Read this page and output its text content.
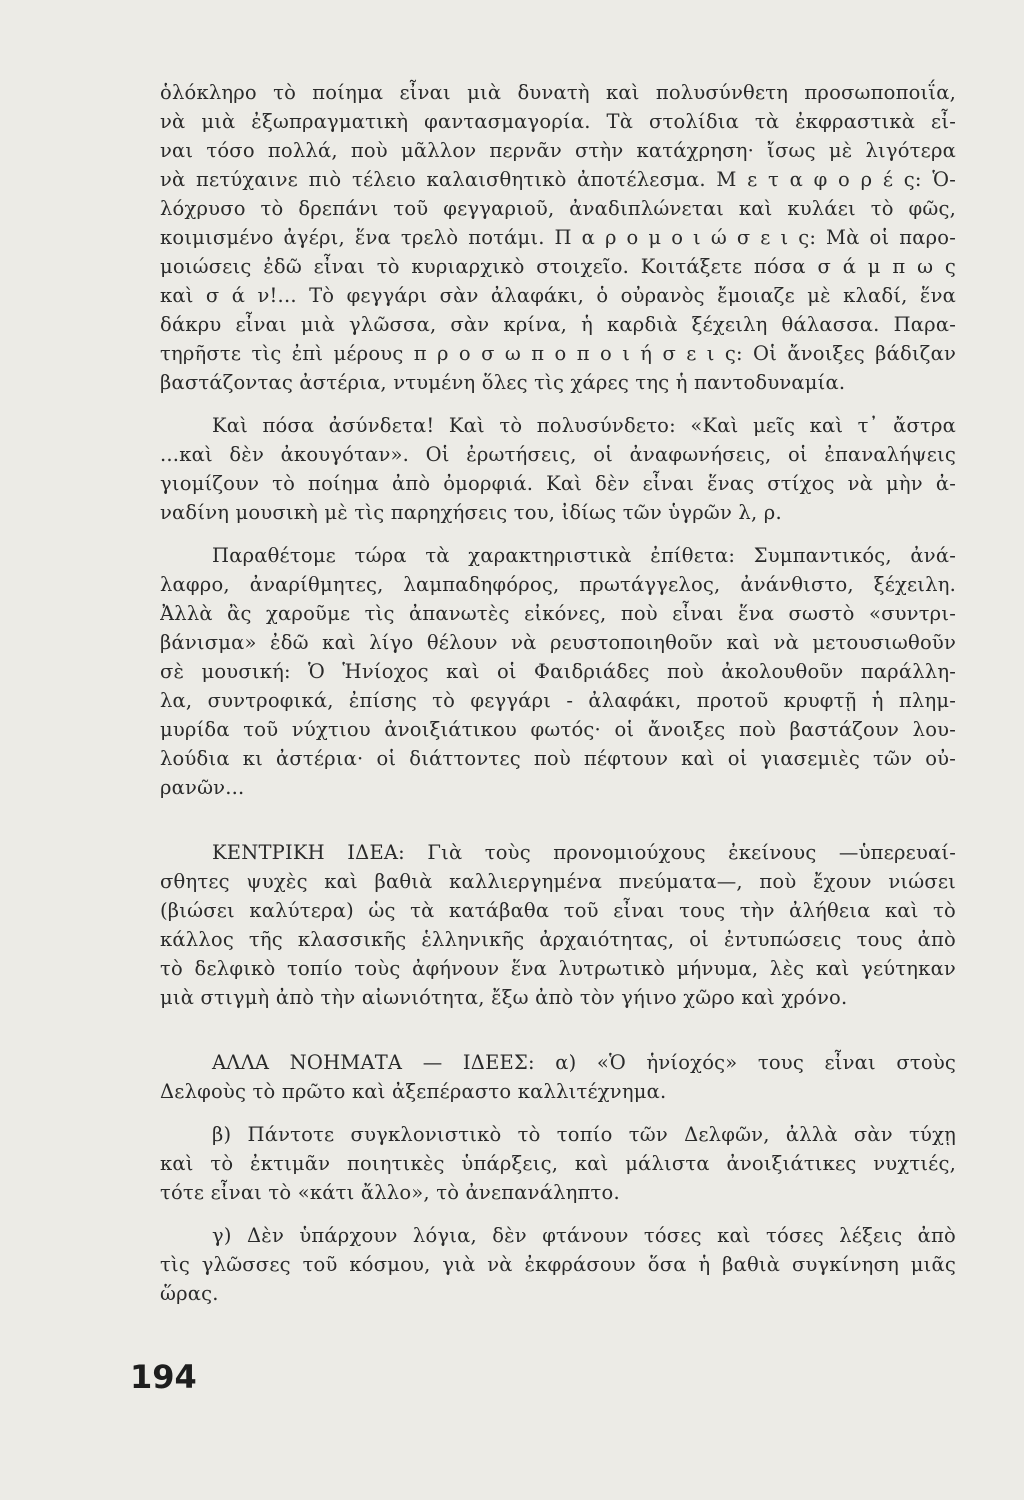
ὁλόκληρο τὸ ποίημα εἶναι μιὰ δυνατὴ καὶ πολυσύνθετη προσωποποιΐα,
νὰ μιὰ ἐξωπραγματικὴ φαντασμαγορία. Τὰ στολίδια τὰ ἐκφραστικὰ εἶ-
ναι τόσο πολλά, ποὺ μᾶλλον περνᾶν στὴν κατάχρηση· ἴσως μὲ λιγότερα
νὰ πετύχαινε πιὸ τέλειο καλαισθητικὸ ἀποτέλεσμα. Μ ε τ α φ ο ρ έ ς: Ὁ-
λόχρυσο τὸ δρεπάνι τοῦ φεγγαριοῦ, ἀναδιπλώνεται καὶ κυλάει τὸ φῶς,
κοιμισμένο ἀγέρι, ἕνα τρελὸ ποτάμι. Π α ρ ο μ ο ι ώ σ ε ι ς: Μὰ οἱ παρο-
μοιώσεις ἐδῶ εἶναι τὸ κυριαρχικὸ στοιχεῖο. Κοιτάξετε πόσα σ ά μ π ω ς
καὶ σ ά ν!... Τὸ φεγγάρι σὰν ἀλαφάκι, ὁ οὐρανὸς ἔμοιαζε μὲ κλαδί, ἕνα
δάκρυ εἶναι μιὰ γλῶσσα, σὰν κρίνα, ἡ καρδιὰ ξέχειλη θάλασσα. Παρα-
τηρῆστε τὶς ἐπὶ μέρους π ρ ο σ ω π ο π ο ι ή σ ε ι ς: Οἱ ἄνοιξες βάδιζαν
βαστάζοντας ἀστέρια, ντυμένη ὅλες τὶς χάρες της ἡ παντοδυναμία.

Καὶ πόσα ἀσύνδετα! Καὶ τὸ πολυσύνδετο: «Καὶ μεῖς καὶ τ᾽ ἄστρα
...καὶ δὲν ἀκουγόταν». Οἱ ἐρωτήσεις, οἱ ἀναφωνήσεις, οἱ ἐπαναλήψεις
γιομίζουν τὸ ποίημα ἀπὸ ὀμορφιά. Καὶ δὲν εἶναι ἕνας στίχος νὰ μὴν ἀ-
ναδίνη μουσικὴ μὲ τὶς παρηχήσεις του, ἰδίως τῶν ὑγρῶν λ, ρ.

Παραθέτομε τώρα τὰ χαρακτηριστικὰ ἐπίθετα: Συμπαντικός, ἀνά-
λαφρο, ἀναρίθμητες, λαμπαδηφόρος, πρωτάγγελος, ἀνάνθιστο, ξέχειλη.
Ἀλλὰ ἂς χαροῦμε τὶς ἀπανωτὲς εἰκόνες, ποὺ εἶναι ἕνα σωστὸ «συντρι-
βάνισμα» ἐδῶ καὶ λίγο θέλουν νὰ ρευστοποιηθοῦν καὶ νὰ μετουσιωθοῦν
σὲ μουσική: Ὁ Ἡνίοχος καὶ οἱ Φαιδριάδες ποὺ ἀκολουθοῦν παράλλη-
λα, συντροφικά, ἐπίσης τὸ φεγγάρι - ἀλαφάκι, προτοῦ κρυφτῇ ἡ πλημ-
μυρίδα τοῦ νύχτιου ἀνοιξιάτικου φωτός· οἱ ἄνοιξες ποὺ βαστάζουν λου-
λούδια κι ἀστέρια· οἱ διάττοντες ποὺ πέφτουν καὶ οἱ γιασεμιὲς τῶν οὐ-
ρανῶν...

ΚΕΝΤΡΙΚΗ ΙΔΕΑ: Γιὰ τοὺς προνομιούχους ἐκείνους —ὑπερευαί-
σθητες ψυχὲς καὶ βαθιὰ καλλιεργημένα πνεύματα—, ποὺ ἔχουν νιώσει
(βιώσει καλύτερα) ὡς τὰ κατάβαθα τοῦ εἶναι τους τὴν ἀλήθεια καὶ τὸ
κάλλος τῆς κλασσικῆς ἑλληνικῆς ἀρχαιότητας, οἱ ἐντυπώσεις τους ἀπὸ
τὸ δελφικὸ τοπίο τοὺς ἀφήνουν ἕνα λυτρωτικὸ μήνυμα, λὲς καὶ γεύτηκαν
μιὰ στιγμὴ ἀπὸ τὴν αἰωνιότητα, ἔξω ἀπὸ τὸν γήινο χῶρο καὶ χρόνο.

ΑΛΛΑ ΝΟΗΜΑΤΑ — ΙΔΕΕΣ: α) «Ὁ ἡνίοχός» τους εἶναι στοὺς
Δελφοὺς τὸ πρῶτο καὶ ἀξεπέραστο καλλιτέχνημα.

β) Πάντοτε συγκλονιστικὸ τὸ τοπίο τῶν Δελφῶν, ἀλλὰ σὰν τύχῃ
καὶ τὸ ἐκτιμᾶν ποιητικὲς ὑπάρξεις, καὶ μάλιστα ἀνοιξιάτικες νυχτιές,
τότε εἶναι τὸ «κάτι ἄλλο», τὸ ἀνεπανάληπτο.

γ) Δὲν ὑπάρχουν λόγια, δὲν φτάνουν τόσες καὶ τόσες λέξεις ἀπὸ
τὶς γλῶσσες τοῦ κόσμου, γιὰ νὰ ἐκφράσουν ὅσα ἡ βαθιὰ συγκίνηση μιᾶς
ὥρας.

194
